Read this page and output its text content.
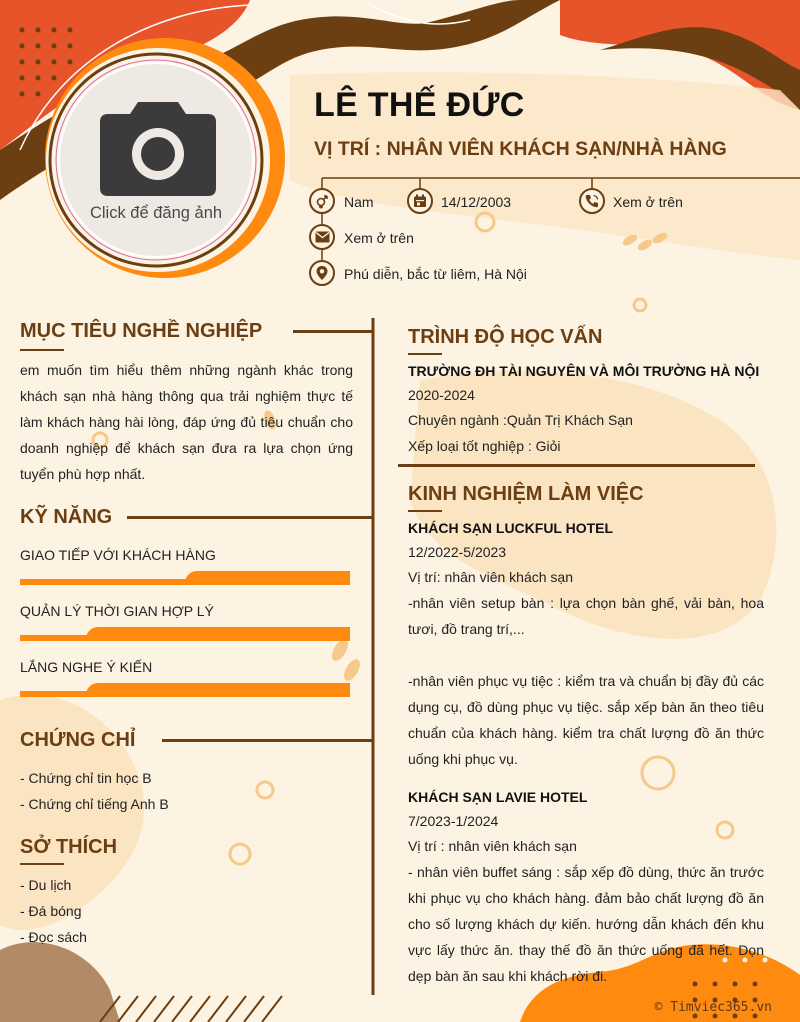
Click để đăng ảnh
LÊ THẾ ĐỨC
VỊ TRÍ : NHÂN VIÊN KHÁCH SẠN/NHÀ HÀNG
Nam	14/12/2003	Xem ở trên
Xem ở trên
Phú diễn, bắc từ liêm, Hà Nội
MỤC TIÊU NGHỀ NGHIỆP
em muốn tìm hiểu thêm những ngành khác trong khách sạn nhà hàng thông qua trải nghiệm thực tế làm khách hàng hài lòng, đáp ứng đủ tiêu chuẩn cho doanh nghiệp để khách sạn đưa ra lựa chọn ứng tuyển phù hợp nhất.
KỸ NĂNG
GIAO TIẾP VỚI KHÁCH HÀNG
QUẢN LÝ THỜI GIAN HỢP LÝ
LẮNG NGHE Ý KIẾN
CHỨNG CHỈ
- Chứng chỉ tin học B
- Chứng chỉ tiếng Anh B
SỞ THÍCH
- Du lịch
- Đá bóng
- Đọc sách
TRÌNH ĐỘ HỌC VẤN
TRƯỜNG ĐH TÀI NGUYÊN VÀ MÔI TRƯỜNG HÀ NỘI
2020-2024
Chuyên ngành :Quản Trị Khách Sạn
Xếp loại tốt nghiệp : Giỏi
KINH NGHIỆM LÀM VIỆC
KHÁCH SẠN LUCKFUL HOTEL
12/2022-5/2023
Vị trí: nhân viên khách sạn
-nhân viên setup bàn : lựa chọn bàn ghế, vải bàn, hoa tươi, đồ trang trí,...
-nhân viên phục vụ tiệc : kiểm tra và chuẩn bị đầy đủ các dụng cụ, đồ dùng phục vụ tiệc. sắp xếp bàn ăn theo tiêu chuẩn của khách hàng. kiểm tra chất lượng đồ ăn thức uống khi phục vụ.
KHÁCH SẠN LAVIE HOTEL
7/2023-1/2024
Vị trí : nhân viên khách sạn
- nhân viên buffet sáng : sắp xếp đồ dùng, thức ăn trước khi phục vụ cho khách hàng. đảm bảo chất lượng đồ ăn cho số lượng khách dự kiến. hướng dẫn khách đến khu vực lấy thức ăn. thay thế đồ ăn thức uống đã hết. Dọn dẹp bàn ăn sau khi khách rời đi.
© Timviec365.vn
